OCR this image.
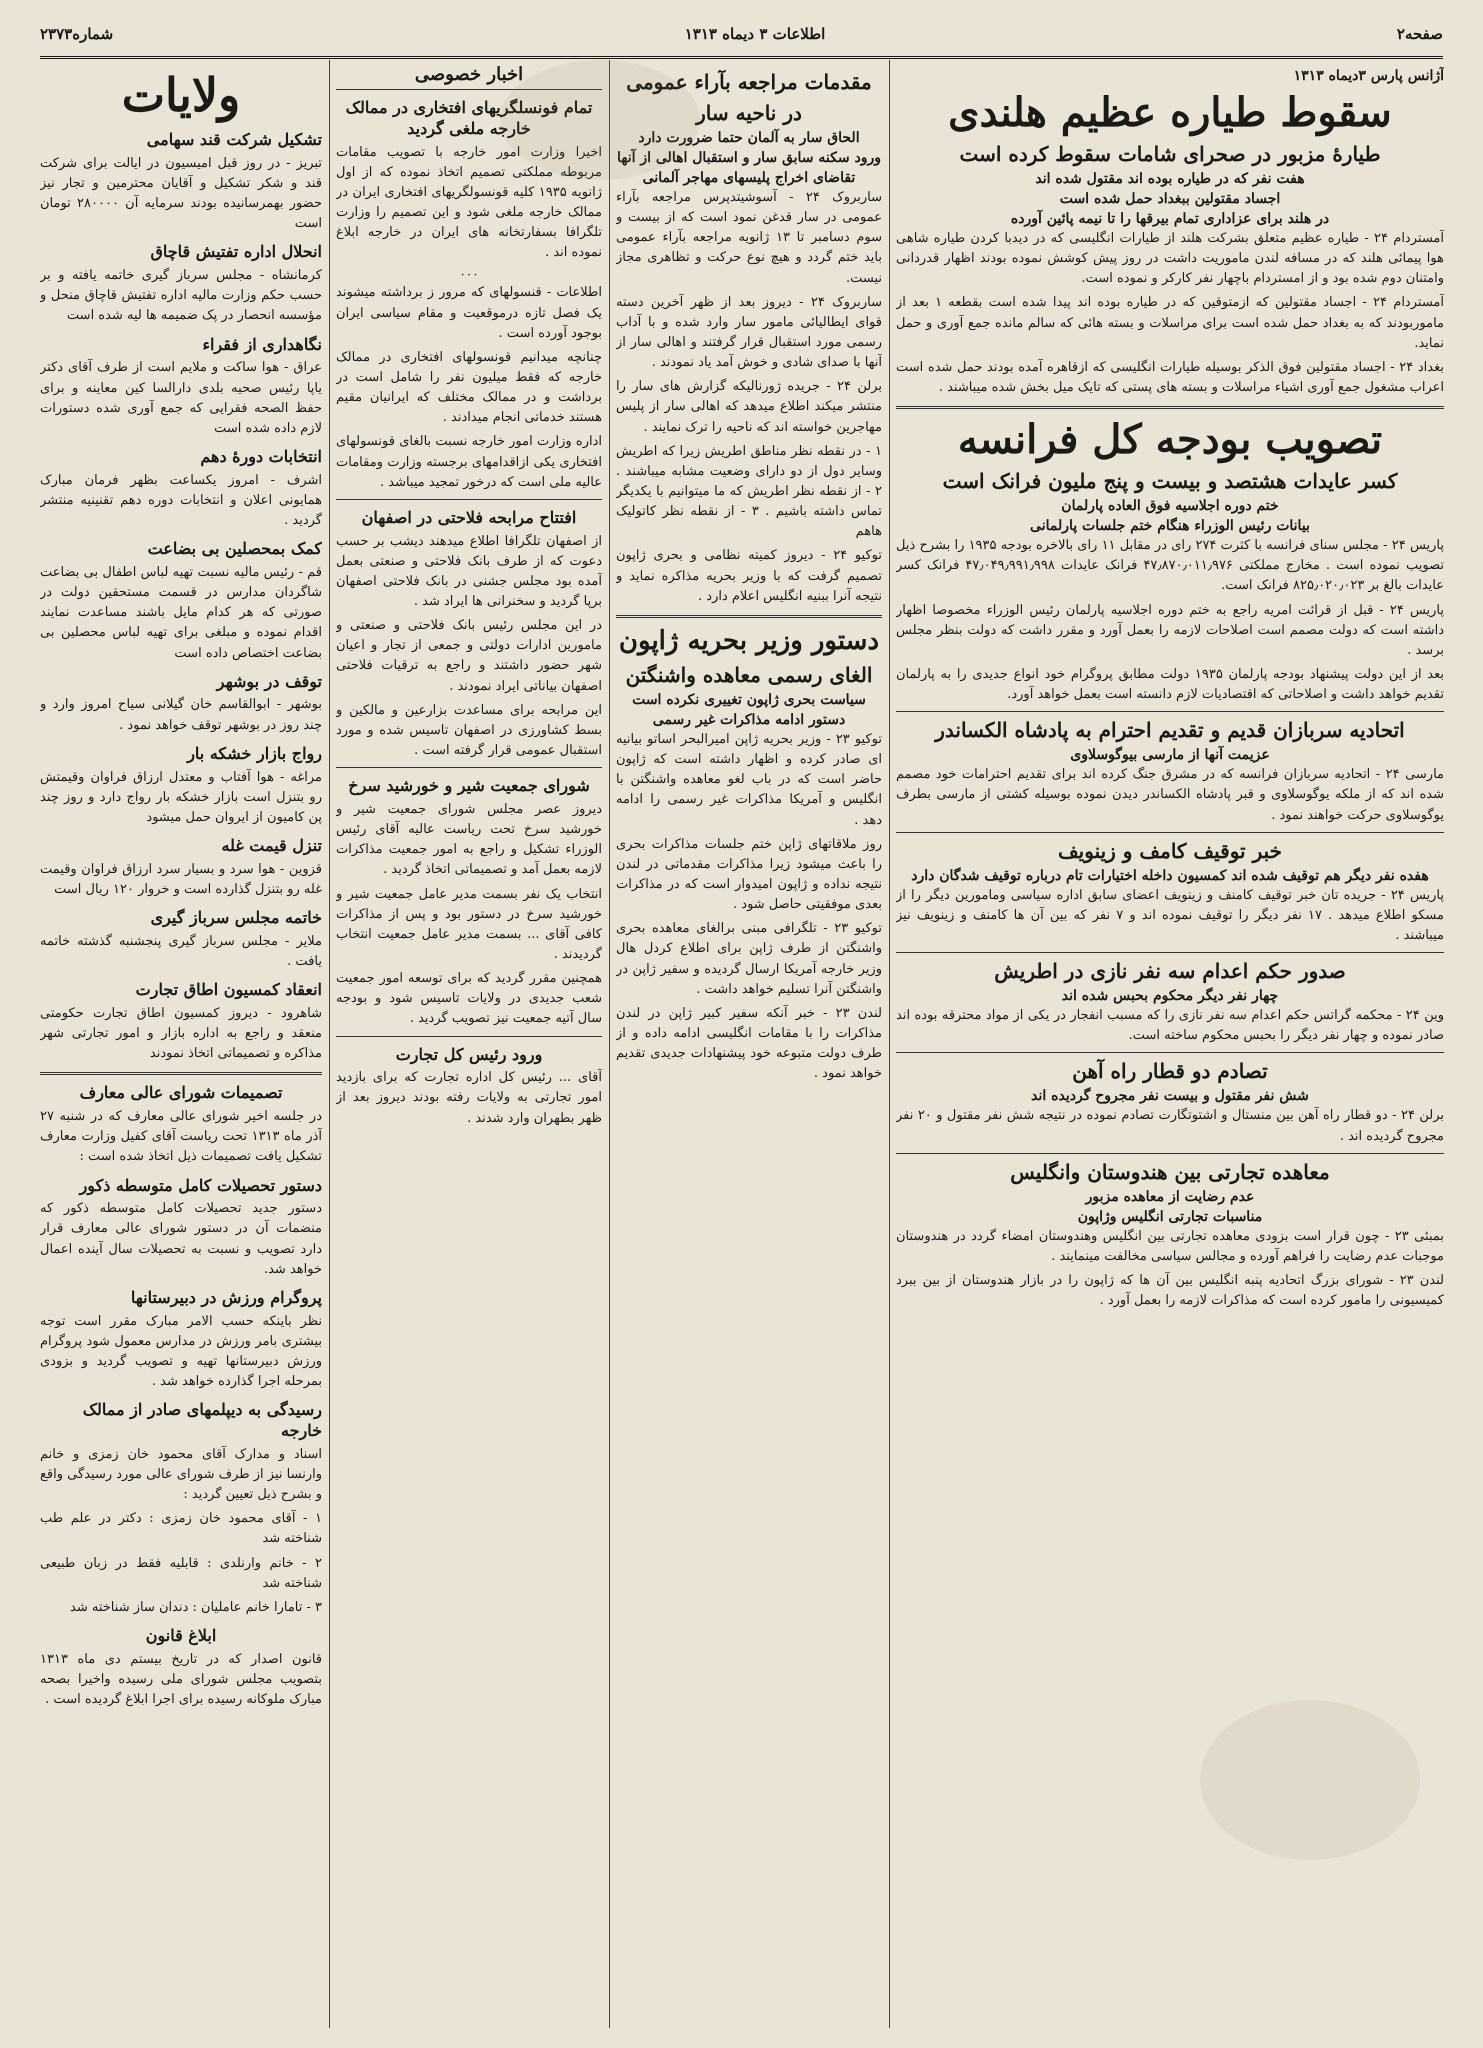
صفحه۲
اطلاعات ۳ دیماه ۱۳۱۳
شماره۲۳۷۳
آژانس پارس ۳دیماه ۱۳۱۳
سقوط طیاره عظیم هلندی
طیارهٔ مزبور در صحرای شامات سقوط کرده است
هفت نفر که در طیاره بوده اند مقتول شده اند
اجساد مقتولین ببغداد حمل شده است
در هلند برای عزاداری تمام بیرقها را تا نیمه پائین آورده

آمستردام ۲۴ - طیاره عظیم متعلق بشرکت هلند از طیارات انگلیسی که در دیدبا کردن طیاره شاهی هوا پیمائی هلند که در مسافه لندن ماموریت داشت در روز پیش کوشش نموده بودند اظهار قدردانی وامتنان دوم شده بود و از امستردام باچهار نفر کارکر و نموده است.

آمستردام ۲۴ - اجساد مقتولین که ازمتوقین که در طیاره بوده اند پیدا شده است بقطعه ۱ بعد از ماموربودند که به بغداد حمل شده است برای مراسلات و بسته هائی که سالم مانده جمع آوری و حمل نماید.

بغداد ۲۴ - اجساد مقتولین فوق الذکر بوسیله طیارات انگلیسی که ازقاهره آمده بودند حمل شده است اعراب مشغول جمع آوری اشیاء مراسلات و بسته های پستی که تایک میل بخش شده میباشند .

تصویب بودجه کل فرانسه
کسر عایدات هشتصد و بیست و پنج ملیون فرانک است
ختم دوره اجلاسیه فوق العاده پارلمان
بیانات رئیس الوزراء هنگام ختم جلسات پارلمانی

پاریس ۲۴ - مجلس سنای فرانسه با کثرت ۲۷۴ رای در مقابل ۱۱ رای بالاخره بودجه ۱۹۳۵ را بشرح ذیل تصویب نموده است . مخارج مملکتی ۴۷٫۸۷۰٫۰۱۱٫۹۷۶ فرانک عایدات ۴۷٫۰۴۹٫۹۹۱٫۹۹۸ فرانک کسر عایدات بالغ بر ۸۲۵٫۰۲۰٫۰۲۳ فرانک است.

پاریس ۲۴ - قبل از قرائت امریه راجع به ختم دوره اجلاسیه پارلمان رئیس الوزراء مخصوصا اظهار داشته است که دولت مصمم است اصلاحات لازمه را بعمل آورد و مقرر داشت که دولت بنظر مجلس برسد .

بعد از این دولت پیشنهاد بودجه پارلمان ۱۹۳۵ دولت مطابق پروگرام خود انواع جدیدی را به پارلمان تقدیم خواهد داشت و اصلاحاتی که اقتصادیات لازم دانسته است بعمل خواهد آورد.

اتحادیه سربازان قدیم و تقدیم احترام به پادشاه الکساندر
عزیمت آنها از مارسی بیوگوسلاوی

مارسی ۲۴ - اتحادیه سربازان فرانسه که در مشرق جنگ کرده اند برای تقدیم احترامات خود مصمم شده اند که از ملکه یوگوسلاوی و قبر پادشاه الکساندر دیدن نموده بوسیله کشتی از مارسی بطرف یوگوسلاوی حرکت خواهند نمود .

خبر توقیف کامف و زینویف
هفده نفر دیگر هم توقیف شده اند کمسیون داخله اختیارات تام درباره توقیف شدگان دارد

پاریس ۲۴ - جریده تان خبر توقیف کامنف و زینویف اعضای سابق اداره سیاسی ومامورین دیگر را از مسکو اطلاع میدهد . ۱۷ نفر دیگر را توقیف نموده اند و ۷ نفر که بین آن ها کامنف و زینویف نیز میباشند .

صدور حکم اعدام سه نفر نازی در اطریش
چهار نفر دیگر محکوم بحبس شده اند

وین ۲۴ - محکمه گراتس حکم اعدام سه نفر نازی را که مسبب انفجار در یکی از مواد محترقه بوده اند صادر نموده و چهار نفر دیگر را بحبس محکوم ساخته است.

تصادم دو قطار راه آهن
شش نفر مقتول و بیست نفر مجروح گردیده اند

برلن ۲۴ - دو قطار راه آهن بین منستال و اشتوتگارت تصادم نموده در نتیجه شش نفر مقتول و ۲۰ نفر مجروح گردیده اند .

معاهده تجارتی بین هندوستان وانگلیس
عدم رضایت از معاهده مزبور
مناسبات تجارتی انگلیس وژاپون

بمبئی ۲۳ - چون قرار است بزودی معاهده تجارتی بین انگلیس وهندوستان امضاء گردد در هندوستان موجبات عدم رضایت را فراهم آورده و مجالس سیاسی مخالفت مینمایند .

لندن ۲۳ - شورای بزرگ اتحادیه پنبه انگلیس بین آن ها که ژاپون را در بازار هندوستان از بین ببرد کمیسیونی را مامور کرده است که مذاکرات لازمه را بعمل آورد .

مقدمات مراجعه بآراء عمومی
در ناحیه سار
الحاق سار به آلمان حتما ضرورت دارد
ورود سکنه سابق سار و استقبال اهالی از آنها
تقاضای اخراج پلیسهای مهاجر آلمانی

ساربروک ۲۴ - آسوشیتدپرس مراجعه بآراء عمومی در سار قدغن نمود است که از بیست و سوم دسامبر تا ۱۳ ژانویه مراجعه بآراء عمومی باید ختم گردد و هیچ نوع حرکت و تظاهری مجاز نیست.

ساربروک ۲۴ - دیروز بعد از ظهر آخرین دسته قوای ایطالیائی مامور سار وارد شده و با آداب رسمی مورد استقبال قرار گرفتند و اهالی سار از آنها با صدای شادی و خوش آمد یاد نمودند .

برلن ۲۴ - جریده ژورنالیکه گزارش های سار را منتشر میکند اطلاع میدهد که اهالی سار از پلیس مهاجرین خواسته اند که ناحیه را ترک نمایند .

۱ - در نقطه نظر مناطق اطریش زیرا که اطریش وسایر دول از دو دارای وضعیت مشابه میباشند . ۲ - از نقطه نظر اطریش که ما میتوانیم با یکدیگر تماس داشته باشیم . ۳ - از نقطه نظر کاتولیک هاهم

توکیو ۲۴ - دیروز کمیته نظامی و بحری ژاپون تصمیم گرفت که با وزیر بحریه مذاکره نماید و نتیجه آنرا ببنیه انگلیس اعلام دارد .

دستور وزیر بحریه ژاپون
الغای رسمی معاهده واشنگتن
سیاست بحری ژاپون تغییری نکرده است
دستور ادامه مذاکرات غیر رسمی

توکیو ۲۳ - وزیر بحریه ژاپن امیرالبحر اساتو بیانیه ای صادر کرده و اظهار داشته است که ژاپون حاضر است که در باب لغو معاهده واشنگتن با انگلیس و آمریکا مذاکرات غیر رسمی را ادامه دهد .

روز ملاقاتهای ژاپن ختم جلسات مذاکرات بحری را باعث میشود زیرا مذاکرات مقدماتی در لندن نتیجه نداده و ژاپون امیدوار است که در مذاکرات بعدی موفقیتی حاصل شود .

توکیو ۲۳ - تلگرافی مبنی برالغای معاهده بحری واشنگتن از طرف ژاپن برای اطلاع کردل هال وزیر خارجه آمریکا ارسال گردیده و سفیر ژاپن در واشنگتن آنرا تسلیم خواهد داشت .

لندن ۲۳ - خبر آنکه سفیر کبیر ژاپن در لندن مذاکرات را با مقامات انگلیسی ادامه داده و از طرف دولت متبوعه خود پیشنهادات جدیدی تقدیم خواهد نمود .

اخبار خصوصی
تمام فونسلگریهای افتخاری در ممالک خارجه ملغی گردید

اخیرا وزارت امور خارجه با تصویب مقامات مربوطه مملکتی تصمیم اتخاذ نموده که از اول ژانویه ۱۹۳۵ کلیه قونسولگریهای افتخاری ایران در ممالک خارجه ملغی شود و این تصمیم را وزارت تلگرافا بسفارتخانه های ایران در خارجه ابلاغ نموده اند .

۰۰۰

اطلاعات - قنسولهای که مرور ز برداشته میشوند یک فصل تازه درموقعیت و مقام سیاسی ایران بوجود آورده است .

چنانچه میدانیم قونسولهای افتخاری در ممالک خارجه که فقط میلیون نفر را شامل است در برداشت و در ممالک مختلف که ایرانیان مقیم هستند خدماتی انجام میدادند .

اداره وزارت امور خارجه نسبت بالغای قونسولهای افتخاری یکی ازاقدامهای برجسته وزارت ومقامات عالیه ملی است که درخور تمجید میباشد .

افتتاح مرابحه فلاحتی در اصفهان

از اصفهان تلگرافا اطلاع میدهند دیشب بر حسب دعوت که از طرف بانک فلاحتی و صنعتی بعمل آمده بود مجلس جشنی در بانک فلاحتی اصفهان برپا گردید و سخنرانی ها ایراد شد .

در این مجلس رئیس بانک فلاحتی و صنعتی و مامورین ادارات دولتی و جمعی از تجار و اعیان شهر حضور داشتند و راجع به ترقیات فلاحتی اصفهان بیاناتی ایراد نمودند .

این مرابحه برای مساعدت بزارعین و مالکین و بسط کشاورزی در اصفهان تاسیس شده و مورد استقبال عمومی قرار گرفته است .

شورای جمعیت شیر و خورشید سرخ

دیروز عصر مجلس شورای جمعیت شیر و خورشید سرخ تحت ریاست عالیه آقای رئیس الوزراء تشکیل و راجع به امور جمعیت مذاکرات لازمه بعمل آمد و تصمیماتی اتخاذ گردید .

انتخاب یک نفر بسمت مدیر عامل جمعیت شیر و خورشید سرخ در دستور بود و پس از مذاکرات کافی آقای ... بسمت مدیر عامل جمعیت انتخاب گردیدند .

همچنین مقرر گردید که برای توسعه امور جمعیت شعب جدیدی در ولایات تاسیس شود و بودجه سال آتیه جمعیت نیز تصویب گردید .

ورود رئیس کل تجارت

آقای ... رئیس کل اداره تجارت که برای بازدید امور تجارتی به ولایات رفته بودند دیروز بعد از ظهر بطهران وارد شدند .

ولایات
تشکیل شرکت قند سهامی

تبریز - در روز قبل امیسیون در ایالت برای شرکت قند و شکر تشکیل و آقایان محترمین و تجار نیز حضور بهمرسانیده بودند سرمایه آن ۲۸۰۰۰۰ تومان است

انحلال اداره تفتیش قاچاق

کرمانشاه - مجلس سرباز گیری خاتمه یافته و بر حسب حکم وزارت مالیه اداره تفتیش قاچاق منحل و مؤسسه انحصار در پک ضمیمه ها لیه شده است

نگاهداری از فقراء

عراق - هوا ساکت و ملایم است از طرف آقای دکتر یاپا رئیس صحیه بلدی دارالسا کین معاینه و برای حفظ الصحه فقرایی که جمع آوری شده دستورات لازم داده شده است

انتخابات دورهٔ دهم

اشرف - امروز یکساعت بظهر فرمان مبارک همایونی اعلان و انتخابات دوره دهم تقنینیه منتشر گردید .

کمک بمحصلین بی بضاعت

قم - رئیس مالیه نسبت تهیه لباس اطفال بی بضاعت شاگردان مدارس در قسمت مستحقین دولت در صورتی که هر کدام مایل باشند مساعدت نمایند اقدام نموده و مبلغی برای تهیه لباس محصلین بی بضاعت اختصاص داده است

توقف در بوشهر

بوشهر - ابوالقاسم خان گیلانی سیاح امروز وارد و چند روز در بوشهر توقف خواهد نمود .

رواج بازار خشکه بار

مراغه - هوا آفتاب و معتدل ارزاق فراوان وقیمتش رو بتنزل است بازار خشکه بار رواج دارد و روز چند پن کامیون از ایروان حمل میشود

تنزل قیمت غله

قزوین - هوا سرد و بسیار سرد ارزاق فراوان وقیمت غله رو بتنزل گذارده است و خروار ۱۲۰ ریال است

خاتمه مجلس سرباز گیری

ملایر - مجلس سرباز گیری پنجشنبه گذشته خاتمه یافت .

انعقاد کمسیون اطاق تجارت

شاهرود - دیروز کمسیون اطاق تجارت حکومتی منعقد و راجع به اداره بازار و امور تجارتی شهر مذاکره و تصمیماتی اتخاذ نمودند

تصمیمات شورای عالی معارف

در جلسه اخیر شورای عالی معارف که در شنبه ۲۷ آذر ماه ۱۳۱۳ تحت ریاست آقای کفیل وزارت معارف تشکیل یافت تصمیمات ذیل اتخاذ شده است :

دستور تحصیلات کامل متوسطه ذکور

دستور جدید تحصیلات کامل متوسطه ذکور که منضمات آن در دستور شورای عالی معارف قرار دارد تصویب و نسبت به تحصیلات سال آینده اعمال خواهد شد.

پروگرام ورزش در دبیرستانها

نظر باینکه حسب الامر مبارک مقرر است توجه بیشتری بامر ورزش در مدارس معمول شود پروگرام ورزش دبیرستانها تهیه و تصویب گردید و بزودی بمرحله اجرا گذارده خواهد شد .

رسیدگی به دیپلمهای صادر از ممالک خارجه

اسناد و مدارک آقای محمود خان زمزی و خانم وارنسا نیز از طرف شورای عالی مورد رسیدگی واقع و بشرح ذیل تعیین گردید :

۱ - آقای محمود خان زمزی : دکتر در علم طب شناخته شد

۲ - خانم وارنلدی : قابلیه فقط در زبان طبیعی شناخته شد

۳ - تامارا خانم عاملیان : دندان ساز شناخته شد

ابلاغ قانون

قانون اصدار که در تاریخ بیستم دی ماه ۱۳۱۳ بتصویب مجلس شورای ملی رسیده واخیرا بصحه مبارک ملوکانه رسیده برای اجرا ابلاغ گردیده است .
